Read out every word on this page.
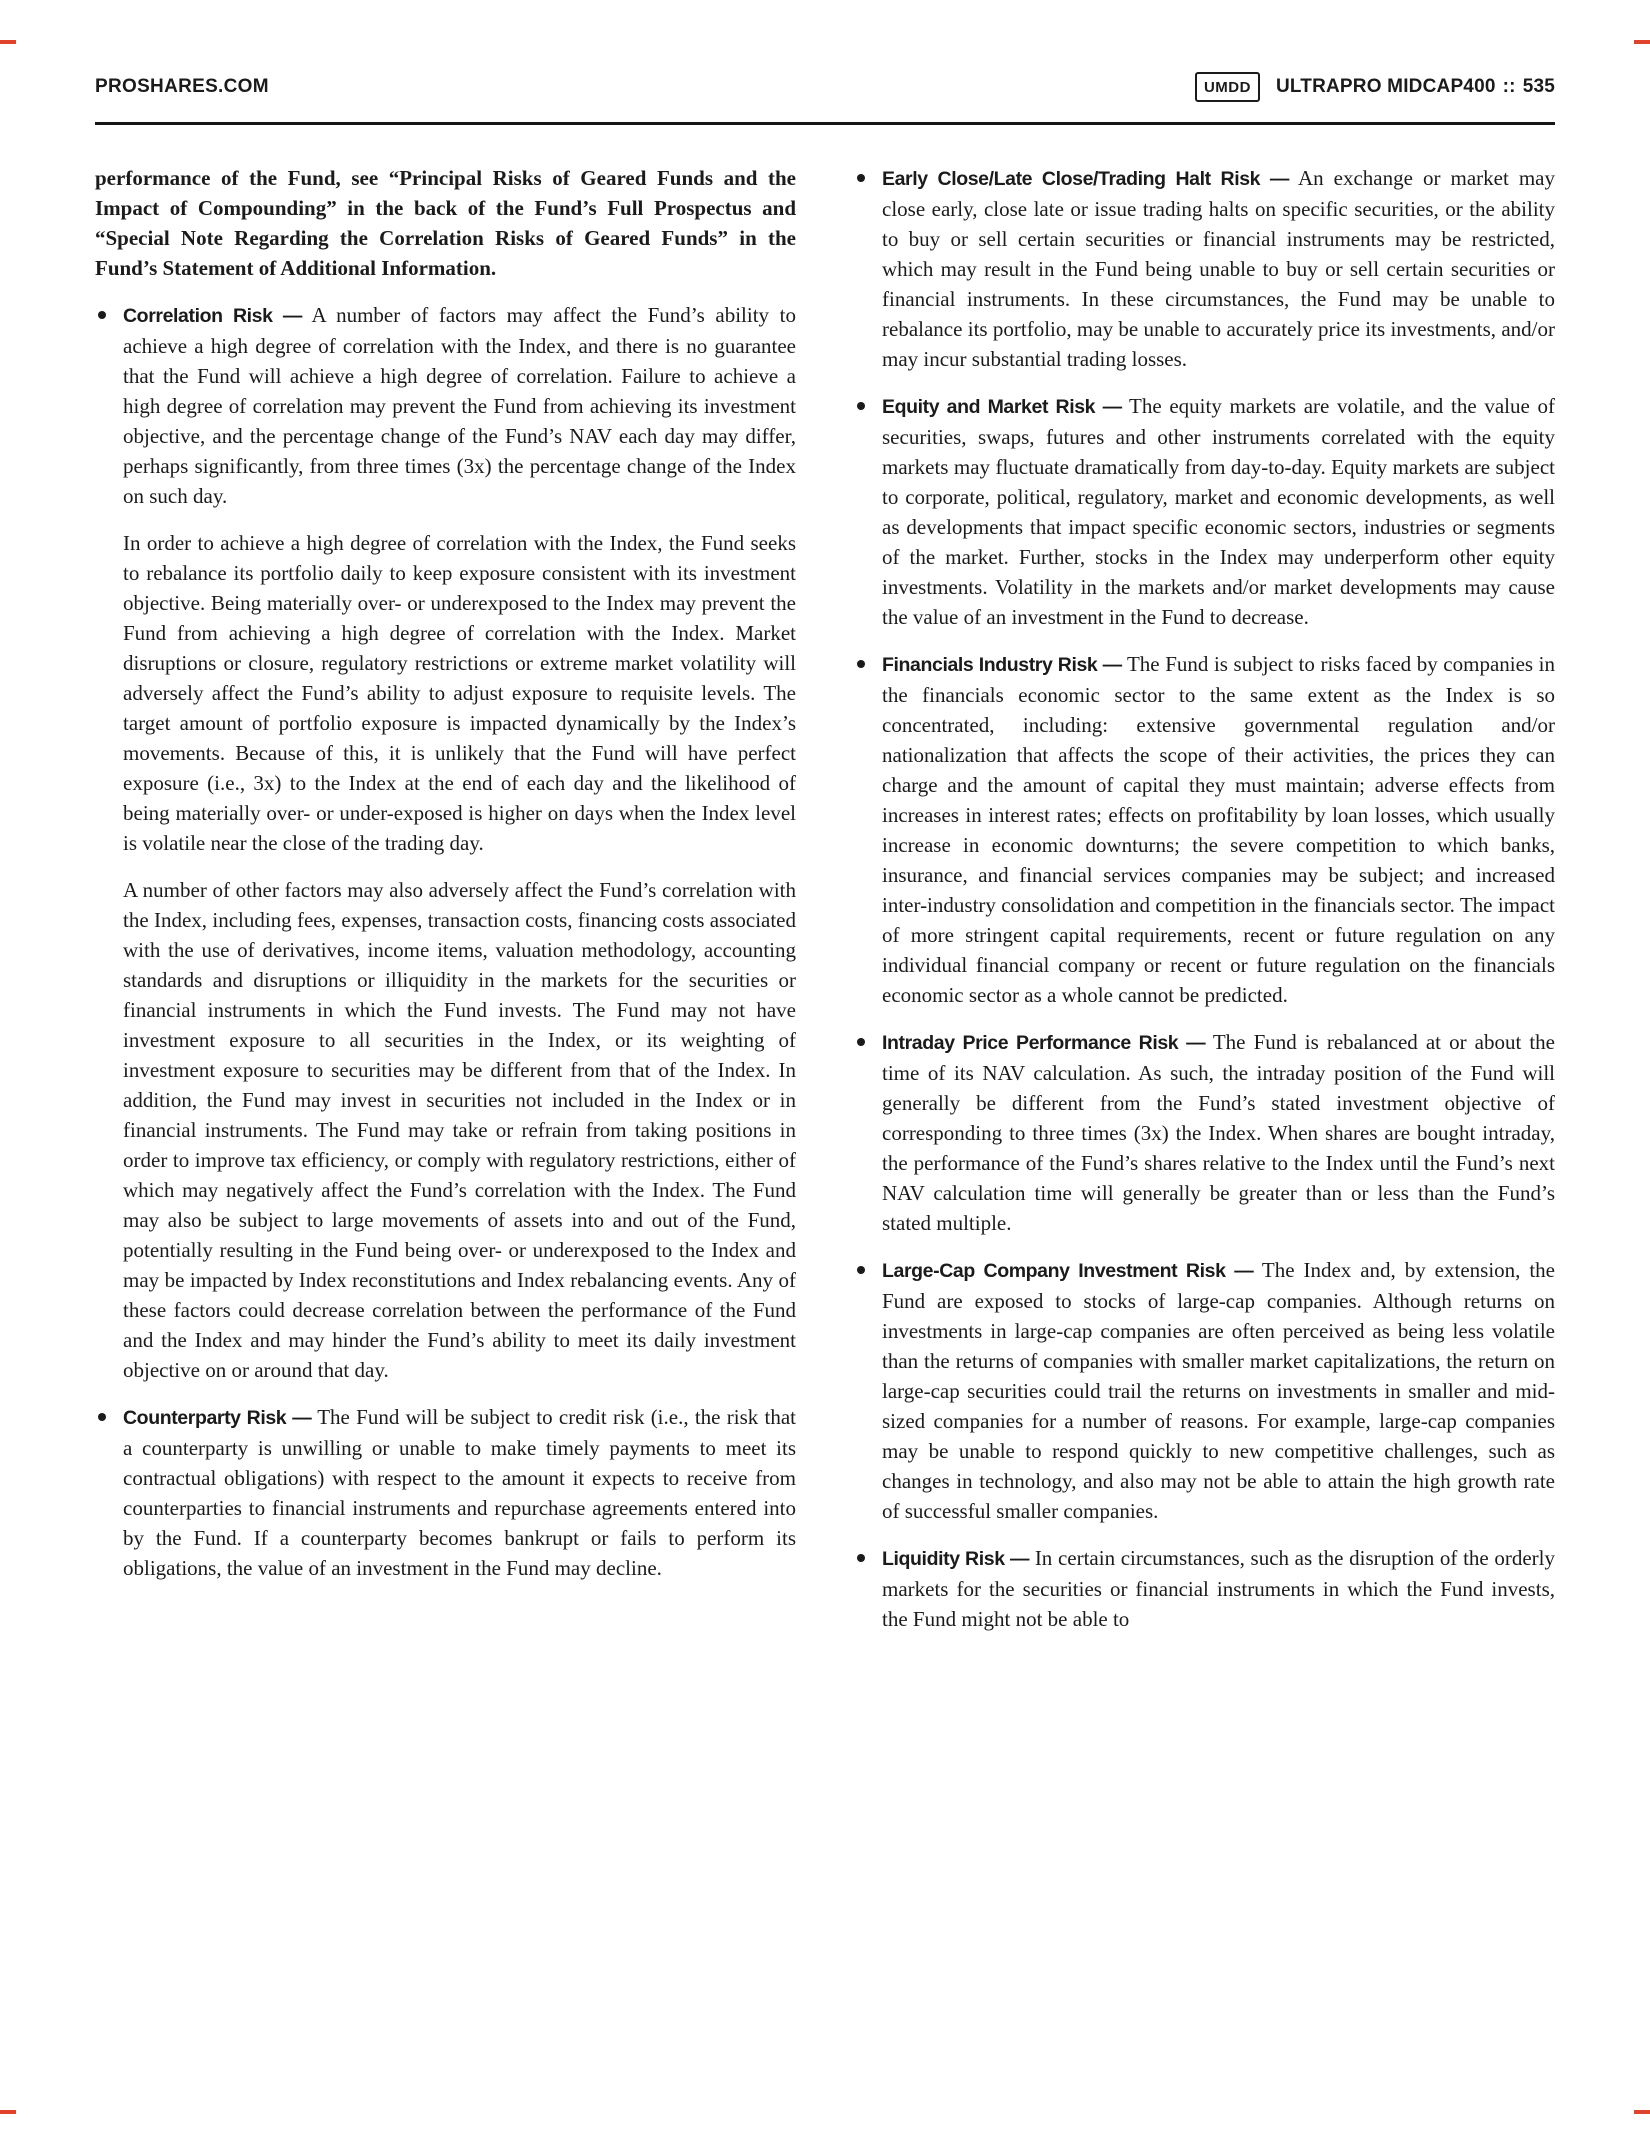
PROSHARES.COM	UMDD	ULTRAPRO MIDCAP400 :: 535

performance of the Fund, see “Principal Risks of Geared Funds and the Impact of Compounding” in the back of the Fund’s Full Prospectus and “Special Note Regarding the Correlation Risks of Geared Funds” in the Fund’s Statement of Additional Information.

Correlation Risk — A number of factors may affect the Fund’s ability to achieve a high degree of correlation with the Index, and there is no guarantee that the Fund will achieve a high degree of correlation. Failure to achieve a high degree of correlation may prevent the Fund from achieving its investment objective, and the percentage change of the Fund’s NAV each day may differ, perhaps significantly, from three times (3x) the percentage change of the Index on such day.

In order to achieve a high degree of correlation with the Index, the Fund seeks to rebalance its portfolio daily to keep exposure consistent with its investment objective. Being materially over- or underexposed to the Index may prevent the Fund from achieving a high degree of correlation with the Index. Market disruptions or closure, regulatory restrictions or extreme market volatility will adversely affect the Fund’s ability to adjust exposure to requisite levels. The target amount of portfolio exposure is impacted dynamically by the Index’s movements. Because of this, it is unlikely that the Fund will have perfect exposure (i.e., 3x) to the Index at the end of each day and the likelihood of being materially over- or under-exposed is higher on days when the Index level is volatile near the close of the trading day.

A number of other factors may also adversely affect the Fund’s correlation with the Index, including fees, expenses, transaction costs, financing costs associated with the use of derivatives, income items, valuation methodology, accounting standards and disruptions or illiquidity in the markets for the securities or financial instruments in which the Fund invests. The Fund may not have investment exposure to all securities in the Index, or its weighting of investment exposure to securities may be different from that of the Index. In addition, the Fund may invest in securities not included in the Index or in financial instruments. The Fund may take or refrain from taking positions in order to improve tax efficiency, or comply with regulatory restrictions, either of which may negatively affect the Fund’s correlation with the Index. The Fund may also be subject to large movements of assets into and out of the Fund, potentially resulting in the Fund being over- or underexposed to the Index and may be impacted by Index reconstitutions and Index rebalancing events. Any of these factors could decrease correlation between the performance of the Fund and the Index and may hinder the Fund’s ability to meet its daily investment objective on or around that day.

Counterparty Risk — The Fund will be subject to credit risk (i.e., the risk that a counterparty is unwilling or unable to make timely payments to meet its contractual obligations) with respect to the amount it expects to receive from counterparties to financial instruments and repurchase agreements entered into by the Fund. If a counterparty becomes bankrupt or fails to perform its obligations, the value of an investment in the Fund may decline.

Early Close/Late Close/Trading Halt Risk — An exchange or market may close early, close late or issue trading halts on specific securities, or the ability to buy or sell certain securities or financial instruments may be restricted, which may result in the Fund being unable to buy or sell certain securities or financial instruments. In these circumstances, the Fund may be unable to rebalance its portfolio, may be unable to accurately price its investments, and/or may incur substantial trading losses.

Equity and Market Risk — The equity markets are volatile, and the value of securities, swaps, futures and other instruments correlated with the equity markets may fluctuate dramatically from day-to-day. Equity markets are subject to corporate, political, regulatory, market and economic developments, as well as developments that impact specific economic sectors, industries or segments of the market. Further, stocks in the Index may underperform other equity investments. Volatility in the markets and/or market developments may cause the value of an investment in the Fund to decrease.

Financials Industry Risk — The Fund is subject to risks faced by companies in the financials economic sector to the same extent as the Index is so concentrated, including: extensive governmental regulation and/or nationalization that affects the scope of their activities, the prices they can charge and the amount of capital they must maintain; adverse effects from increases in interest rates; effects on profitability by loan losses, which usually increase in economic downturns; the severe competition to which banks, insurance, and financial services companies may be subject; and increased inter-industry consolidation and competition in the financials sector. The impact of more stringent capital requirements, recent or future regulation on any individual financial company or recent or future regulation on the financials economic sector as a whole cannot be predicted.

Intraday Price Performance Risk — The Fund is rebalanced at or about the time of its NAV calculation. As such, the intraday position of the Fund will generally be different from the Fund’s stated investment objective of corresponding to three times (3x) the Index. When shares are bought intraday, the performance of the Fund’s shares relative to the Index until the Fund’s next NAV calculation time will generally be greater than or less than the Fund’s stated multiple.

Large-Cap Company Investment Risk — The Index and, by extension, the Fund are exposed to stocks of large-cap companies. Although returns on investments in large-cap companies are often perceived as being less volatile than the returns of companies with smaller market capitalizations, the return on large-cap securities could trail the returns on investments in smaller and mid-sized companies for a number of reasons. For example, large-cap companies may be unable to respond quickly to new competitive challenges, such as changes in technology, and also may not be able to attain the high growth rate of successful smaller companies.

Liquidity Risk — In certain circumstances, such as the disruption of the orderly markets for the securities or financial instruments in which the Fund invests, the Fund might not be able to
